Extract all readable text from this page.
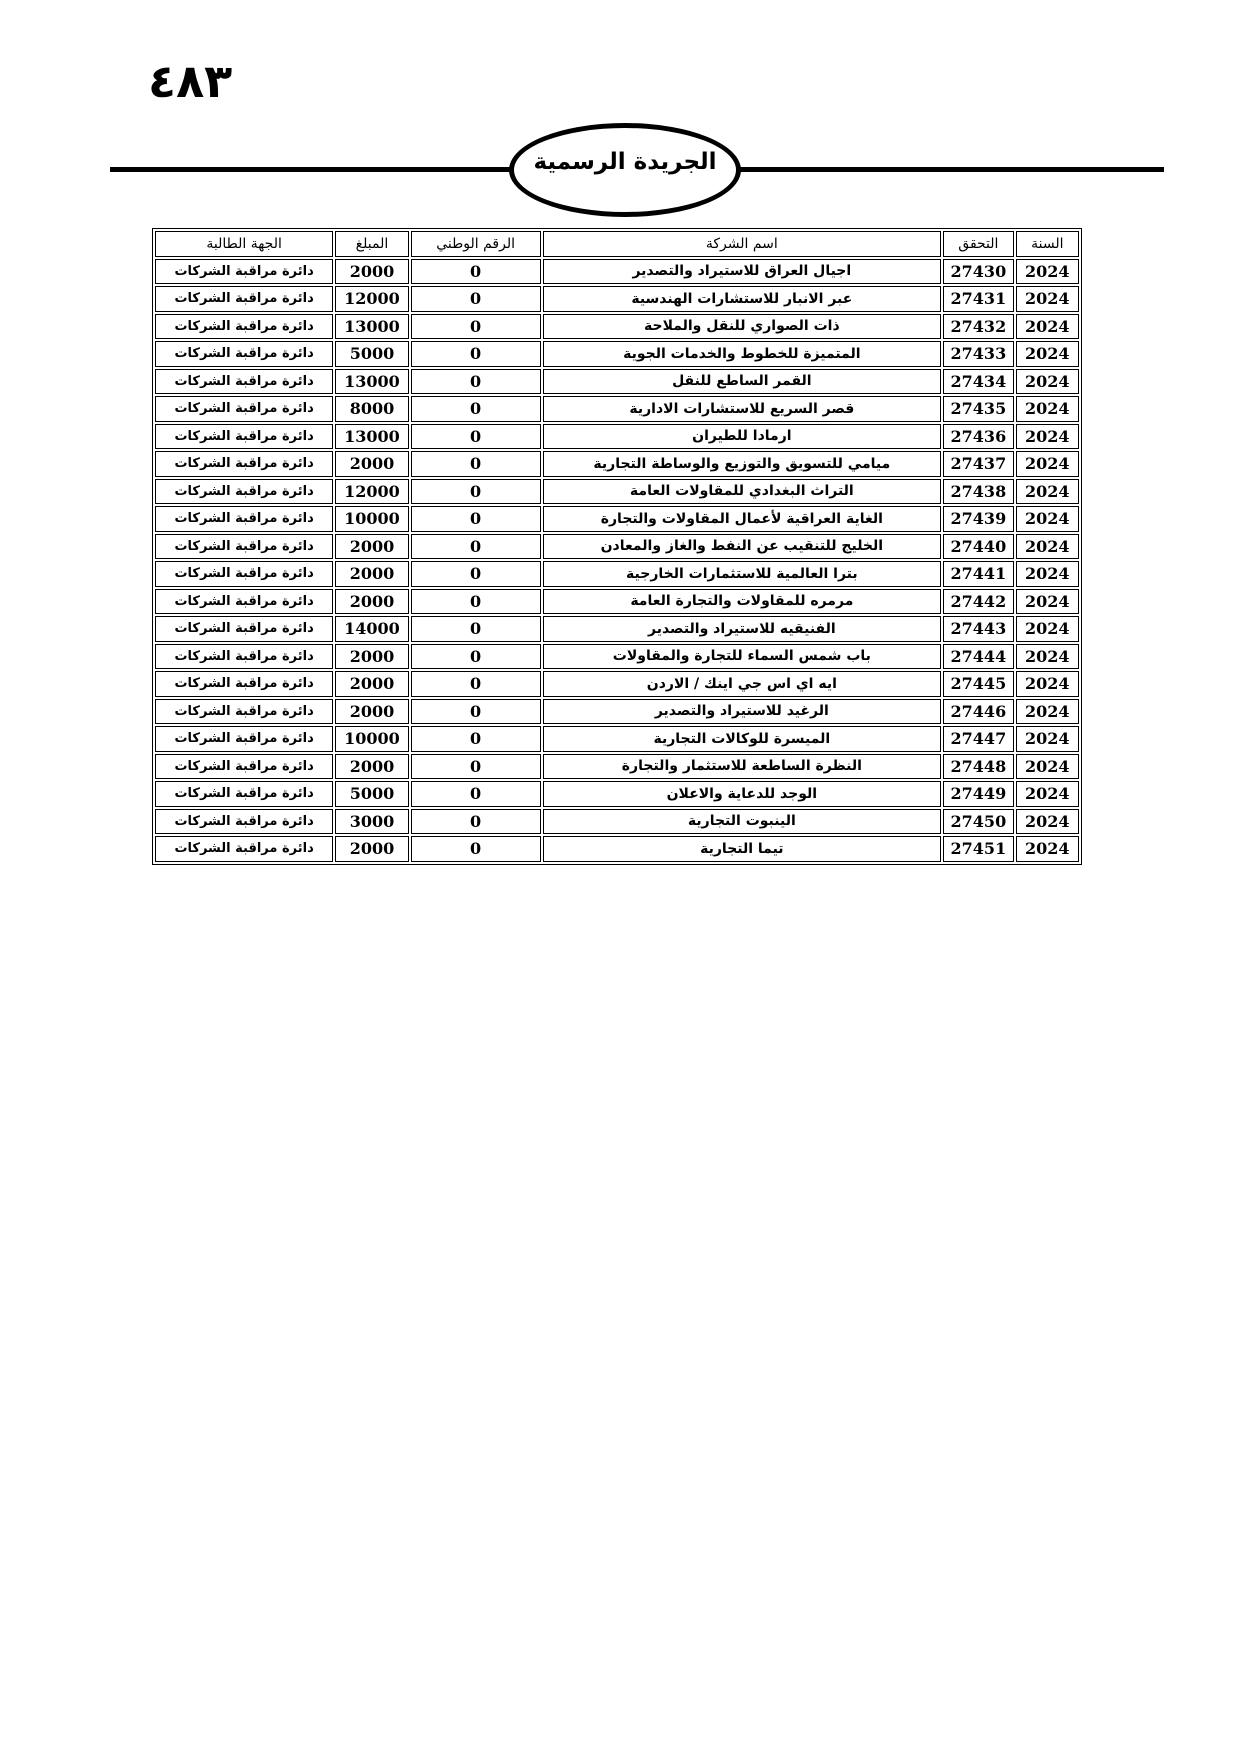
٤٨٣
الجريدة الرسمية
السنة	التحقق	اسم الشركة	الرقم الوطني	المبلغ	الجهة الطالبة
2024	27430	اجيال العراق للاستيراد والتصدير	0	2000	دائرة مراقبة الشركات
2024	27431	عبر الانبار للاستشارات الهندسية	0	12000	دائرة مراقبة الشركات
2024	27432	ذات الصواري للنقل والملاحة	0	13000	دائرة مراقبة الشركات
2024	27433	المتميزة للخطوط والخدمات الجوية	0	5000	دائرة مراقبة الشركات
2024	27434	القمر الساطع للنقل	0	13000	دائرة مراقبة الشركات
2024	27435	قصر السريع للاستشارات الادارية	0	8000	دائرة مراقبة الشركات
2024	27436	ارمادا للطيران	0	13000	دائرة مراقبة الشركات
2024	27437	ميامي للتسويق والتوزيع والوساطة التجارية	0	2000	دائرة مراقبة الشركات
2024	27438	التراث البغدادي للمقاولات العامة	0	12000	دائرة مراقبة الشركات
2024	27439	الغاية العراقية لأعمال المقاولات والتجارة	0	10000	دائرة مراقبة الشركات
2024	27440	الخليج للتنقيب عن النفط والغاز والمعادن	0	2000	دائرة مراقبة الشركات
2024	27441	بترا العالمية للاستثمارات الخارجية	0	2000	دائرة مراقبة الشركات
2024	27442	مرمره للمقاولات والتجارة العامة	0	2000	دائرة مراقبة الشركات
2024	27443	الفنيقيه للاستيراد والتصدير	0	14000	دائرة مراقبة الشركات
2024	27444	باب شمس السماء للتجارة والمقاولات	0	2000	دائرة مراقبة الشركات
2024	27445	ايه اي اس جي اينك / الاردن	0	2000	دائرة مراقبة الشركات
2024	27446	الرغيد للاستيراد والتصدير	0	2000	دائرة مراقبة الشركات
2024	27447	الميسرة للوكالات التجارية	0	10000	دائرة مراقبة الشركات
2024	27448	النظرة الساطعة للاستثمار والتجارة	0	2000	دائرة مراقبة الشركات
2024	27449	الوجد للدعاية والاعلان	0	5000	دائرة مراقبة الشركات
2024	27450	الينبوت التجارية	0	3000	دائرة مراقبة الشركات
2024	27451	تيما التجارية	0	2000	دائرة مراقبة الشركات
